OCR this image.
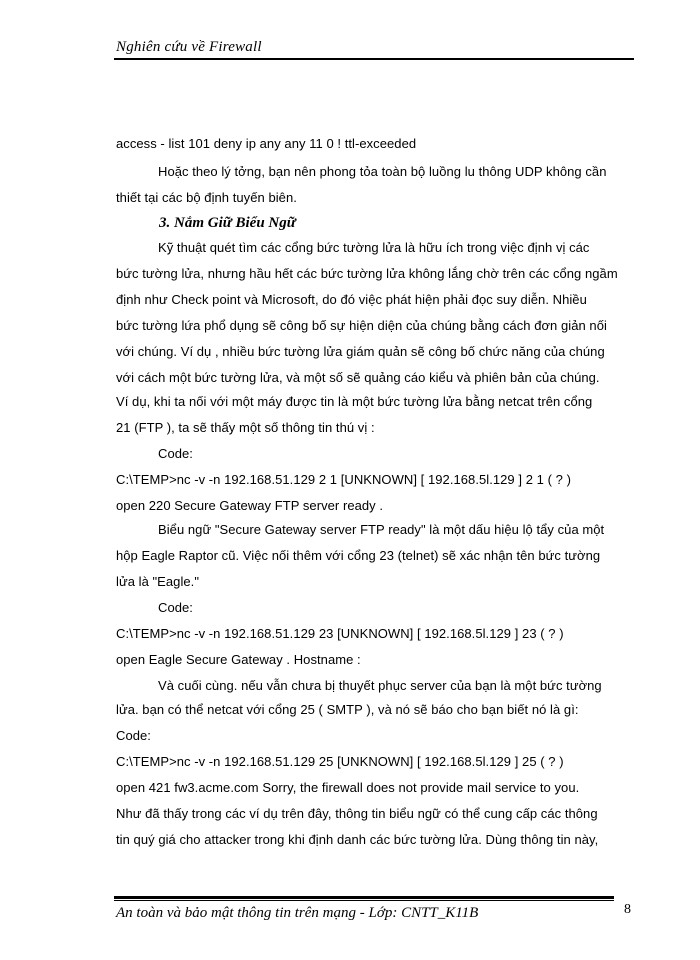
Nghiên cứu về Firewall
access - list 101 deny ip any any 11 0 ! ttl-exceeded
Hoặc theo lý tởng, bạn nên phong tỏa toàn bộ luồng lu thông UDP không cần
thiết tại các bộ định tuyến biên.
3. Nắm Giữ Biểu Ngữ
Kỹ thuật quét tìm các cổng bức tường lửa là hữu ích trong việc định vị các
bức tường lửa, nhưng hầu hết các bức tường lửa không lắng chờ trên các cổng ngầm
định như Check point và Microsoft, do đó việc phát hiện phải đọc suy diễn. Nhiều
bức tường lứa phổ dụng sẽ công bố sự hiện diện của chúng bằng cách đơn giản nối
với chúng. Ví dụ , nhiều bức tường lửa giám quản sẽ công bố chức năng của chúng
với cách một bức tường lửa, và một số sẽ quảng cáo kiểu và phiên bản của chúng.
Ví dụ, khi ta nối với một máy được tin là một bức tường lửa bằng netcat trên cổng
21 (FTP ), ta sẽ thấy một số thông tin thú vị :
Code:
C:\TEMP>nc -v -n 192.168.51.129 2 1 [UNKNOWN] [ 192.168.5l.129 ] 2 1 ( ? )
open 220 Secure Gateway FTP server ready .
Biểu ngữ "Secure Gateway server FTP ready" là một dấu hiệu lộ tẩy của một
hộp Eagle Raptor cũ. Việc nối thêm với cổng 23 (telnet) sẽ xác nhận tên bức tường
lửa là "Eagle."
Code:
C:\TEMP>nc -v -n 192.168.51.129 23 [UNKNOWN] [ 192.168.5l.129 ] 23 ( ? )
open Eagle Secure Gateway . Hostname :
Và cuối cùng. nếu vẫn chưa bị thuyết phục server của bạn là một bức tường
lửa. bạn có thể netcat với cổng 25 ( SMTP ), và nó sẽ báo cho bạn biết nó là gì:
Code:
C:\TEMP>nc -v -n 192.168.51.129 25 [UNKNOWN] [ 192.168.5l.129 ] 25 ( ? )
open 421 fw3.acme.com Sorry, the firewall does not provide mail service to you.
Như đã thấy trong các ví dụ trên đây, thông tin biểu ngữ có thể cung cấp các thông
tin quý giá cho attacker trong khi định danh các bức tường lửa. Dùng thông tin này,
An toàn và bảo mật thông tin trên mạng - Lớp: CNTT_K11B	8
